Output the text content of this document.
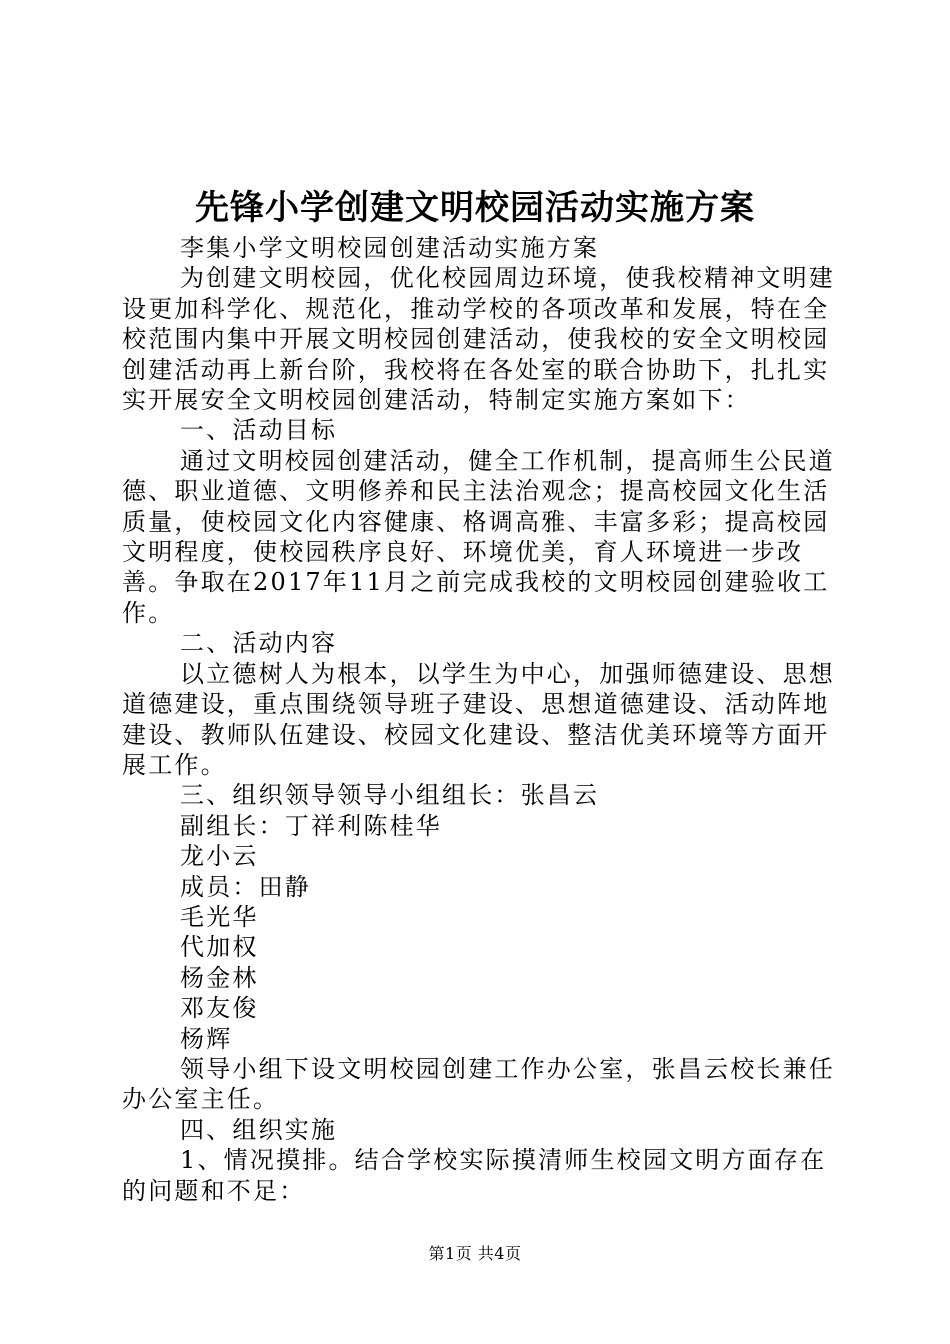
先锋小学创建文明校园活动实施方案

李集小学文明校园创建活动实施方案

为创建文明校园，优化校园周边环境，使我校精神文明建设更加科学化、规范化，推动学校的各项改革和发展，特在全校范围内集中开展文明校园创建活动，使我校的安全文明校园创建活动再上新台阶，我校将在各处室的联合协助下，扎扎实实开展安全文明校园创建活动，特制定实施方案如下：

一、活动目标

通过文明校园创建活动，健全工作机制，提高师生公民道德、职业道德、文明修养和民主法治观念；提高校园文化生活质量，使校园文化内容健康、格调高雅、丰富多彩；提高校园文明程度，使校园秩序良好、环境优美，育人环境进一步改善。争取在2017年11月之前完成我校的文明校园创建验收工作。

二、活动内容

以立德树人为根本，以学生为中心，加强师德建设、思想道德建设，重点围绕领导班子建设、思想道德建设、活动阵地建设、教师队伍建设、校园文化建设、整洁优美环境等方面开展工作。

三、组织领导领导小组组长：张昌云

副组长：丁祥利陈桂华

龙小云

成员：田静

毛光华

代加权

杨金林

邓友俊

杨辉

领导小组下设文明校园创建工作办公室，张昌云校长兼任办公室主任。

四、组织实施

1、情况摸排。结合学校实际摸清师生校园文明方面存在的问题和不足：

第1页 共4页
